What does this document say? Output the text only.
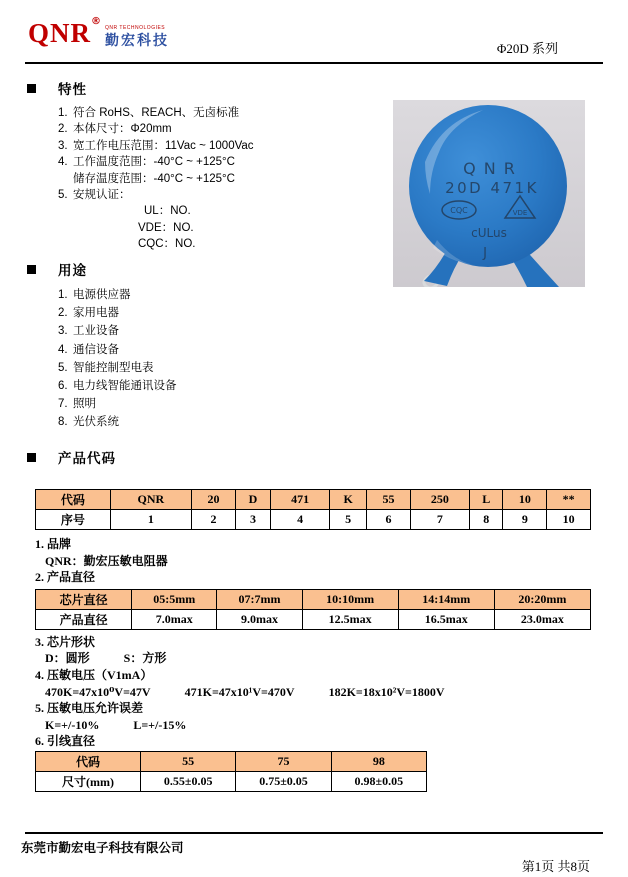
QNR®
QNR TECHNOLOGIES
勤宏科技
Φ20D 系列
特性
1. 符合 RoHS、REACH、无卤标准
2. 本体尺寸：Φ20mm
3. 宽工作电压范围：11Vac ~ 1000Vac
4. 工作温度范围：-40°C ~ +125°C
储存温度范围：-40°C ~ +125°C
5. 安规认证：
UL：NO.
VDE：NO.
CQC：NO.
QNR
20D 471K
CQC	VDE
cULus
J
用途
1. 电源供应器
2. 家用电器
3. 工业设备
4. 通信设备
5. 智能控制型电表
6. 电力线智能通讯设备
7. 照明
8. 光伏系统
产品代码
代码	QNR	20	D	471	K	55	250	L	10	**
序号	1	2	3	4	5	6	7	8	9	10
1. 品牌
QNR：勤宏压敏电阻器
2. 产品直径
芯片直径	05:5mm	07:7mm	10:10mm	14:14mm	20:20mm
产品直径	7.0max	9.0max	12.5max	16.5max	23.0max
3. 芯片形状
D：圆形	S：方形
4. 压敏电压（V1mA）
470K=47x10⁰V=47V	471K=47x10¹V=470V	182K=18x10²V=1800V
5. 压敏电压允许误差
K=+/-10%	L=+/-15%
6. 引线直径
代码	55	75	98
尺寸(mm)	0.55±0.05	0.75±0.05	0.98±0.05
东莞市勤宏电子科技有限公司
第1页 共8页
